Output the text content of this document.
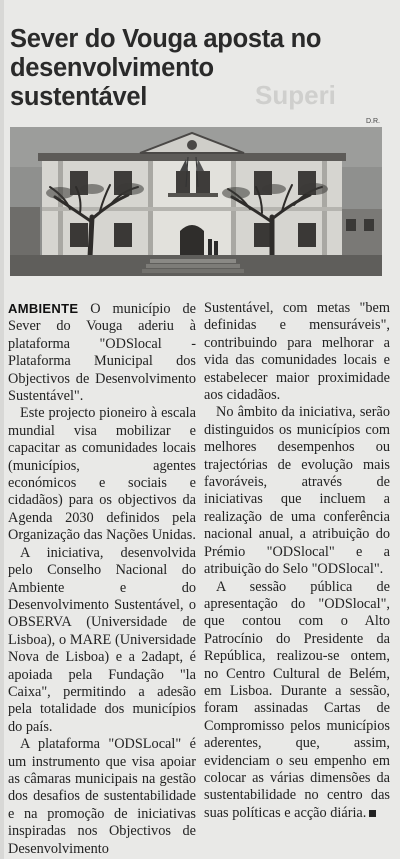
Sever do Vouga aposta no desenvolvimento sustentável	Superi
D.R.

AMBIENTE O município de Sever do Vouga aderiu à plataforma "ODSlocal - Plataforma Municipal dos Objectivos de Desenvolvimento Sustentável".

Este projecto pioneiro à escala mundial visa mobilizar e capacitar as comunidades locais (municípios, agentes económicos e sociais e cidadãos) para os objectivos da Agenda 2030 definidos pela Organização das Nações Unidas.

A iniciativa, desenvolvida pelo Conselho Nacional do Ambiente e do Desenvolvimento Sustentável, o OBSERVA (Universidade de Lisboa), o MARE (Universidade Nova de Lisboa) e a 2adapt, é apoiada pela Fundação "la Caixa", permitindo a adesão pela totalidade dos municípios do país.

A plataforma "ODSLocal" é um instrumento que visa apoiar as câmaras municipais na gestão dos desafios de sustentabilidade e na promoção de iniciativas inspiradas nos Objectivos de Desenvolvimento

Sustentável, com metas "bem definidas e mensuráveis", contribuindo para melhorar a vida das comunidades locais e estabelecer maior proximidade aos cidadãos.

No âmbito da iniciativa, serão distinguidos os municípios com melhores desempenhos ou trajectórias de evolução mais favoráveis, através de iniciativas que incluem a realização de uma conferência nacional anual, a atribuição do Prémio "ODSlocal" e a atribuição do Selo "ODSlocal".

A sessão pública de apresentação do "ODSlocal", que contou com o Alto Patrocínio do Presidente da República, realizou-se ontem, no Centro Cultural de Belém, em Lisboa. Durante a sessão, foram assinadas Cartas de Compromisso pelos municípios aderentes, que, assim, evidenciam o seu empenho em colocar as várias dimensões da sustentabilidade no centro das suas políticas e acção diária.
